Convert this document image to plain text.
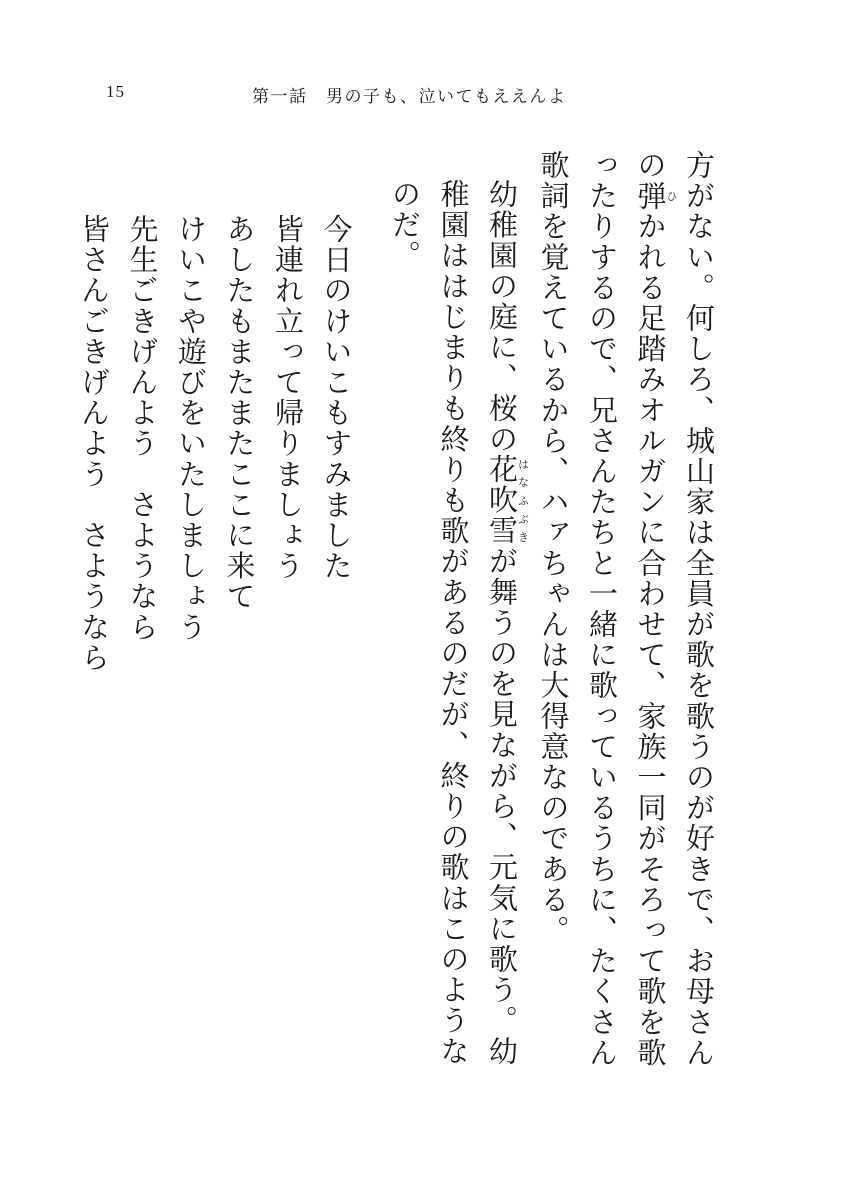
15	第一話　男の子も、泣いてもええんよ

方がない。何しろ、城山家は全員が歌を歌うのが好きで、お母さんの弾ひかれる足踏みオルガンに合わせて、家族一同がそろって歌を歌ったりするので、兄さんたちと一緒に歌っているうちに、たくさん歌詞を覚えているから、ハァちゃんは大得意なのである。

幼稚園の庭に、桜の花吹雪はなふぶきが舞うのを見ながら、元気に歌う。幼稚園ははじまりも終りも歌があるのだが、終りの歌はこのようなのだ。

今日のけいこもすみました
皆連れ立って帰りましょう
あしたもまたまたここに来て
けいこや遊びをいたしましょう
先生ごきげんよう　さようなら
皆さんごきげんよう　さようなら
